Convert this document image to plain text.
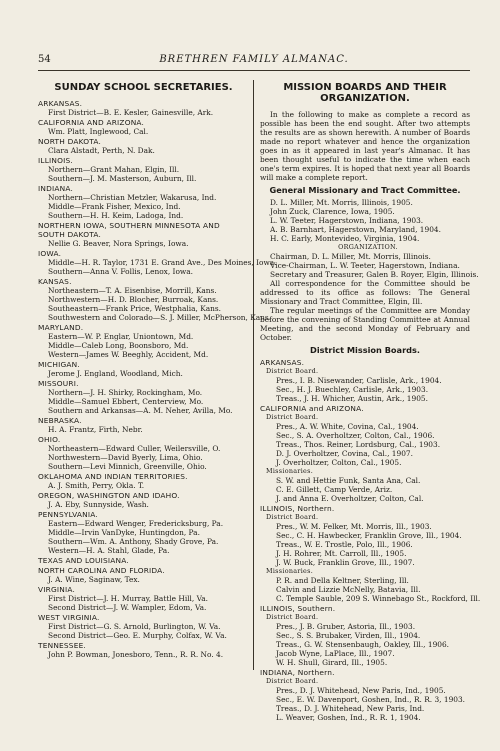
54	BRETHREN FAMILY ALMANAC.
SUNDAY SCHOOL SECRETARIES.
ARKANSAS.
First District—B. E. Kesler, Gainesville, Ark.
CALIFORNIA AND ARIZONA.
Wm. Platt, Inglewood, Cal.
NORTH DAKOTA.
Clara Alstadt, Perth, N. Dak.
ILLINOIS.
Northern—Grant Mahan, Elgin, Ill.
Southern—J. M. Masterson, Auburn, Ill.
INDIANA.
Northern—Christian Metzler, Wakarusa, Ind.
Middle—Frank Fisher, Mexico, Ind.
Southern—H. H. Keim, Ladoga, Ind.
NORTHERN IOWA, SOUTHERN MINNESOTA AND SOUTH DAKOTA.
Nellie G. Beaver, Nora Springs, Iowa.
IOWA.
Middle—H. R. Taylor, 1731 E. Grand Ave., Des Moines, Iowa.
Southern—Anna V. Follis, Lenox, Iowa.
KANSAS.
Northeastern—T. A. Eisenbise, Morrill, Kans.
Northwestern—H. D. Blocher, Burroak, Kans.
Southeastern—Frank Price, Westphalia, Kans.
Southwestern and Colorado—S. J. Miller, McPherson, Kans.
MARYLAND.
Eastern—W. P. Englar, Uniontown, Md.
Middle—Caleb Long, Boonsboro, Md.
Western—James W. Beeghly, Accident, Md.
MICHIGAN.
Jerome J. England, Woodland, Mich.
MISSOURI.
Northern—J. H. Shirky, Rockingham, Mo.
Middle—Samuel Ebbert, Centerview, Mo.
Southern and Arkansas—A. M. Neher, Avilla, Mo.
NEBRASKA.
H. A. Frantz, Firth, Nebr.
OHIO.
Northeastern—Edward Culler, Weilersville, O.
Northwestern—David Byerly, Lima, Ohio.
Southern—Levi Minnich, Greenville, Ohio.
OKLAHOMA AND INDIAN TERRITORIES.
A. J. Smith, Perry, Okla. T.
OREGON, WASHINGTON AND IDAHO.
J. A. Eby, Sunnyside, Wash.
PENNSYLVANIA.
Eastern—Edward Wenger, Fredericksburg, Pa.
Middle—Irvin VanDyke, Huntingdon, Pa.
Southern—Wm. A. Anthony, Shady Grove, Pa.
Western—H. A. Stahl, Glade, Pa.
TEXAS AND LOUISIANA.
NORTH CAROLINA AND FLORIDA.
J. A. Wine, Saginaw, Tex.
VIRGINIA.
First District—J. H. Murray, Battle Hill, Va.
Second District—J. W. Wampler, Edom, Va.
WEST VIRGINIA.
First District—G. S. Arnold, Burlington, W. Va.
Second District—Geo. E. Murphy, Colfax, W. Va.
TENNESSEE.
John P. Bowman, Jonesboro, Tenn., R. R. No. 4.
MISSION BOARDS AND THEIR ORGANIZATION.
In the following to make as complete a record as possible has been the end sought. After two attempts the results are as shown herewith. A number of Boards made no report whatever and hence the organization goes in as it appeared in last year's Almanac. It has been thought useful to indicate the time when each one's term expires. It is hoped that next year all Boards will make a complete report.
General Missionary and Tract Committee.
D. L. Miller, Mt. Morris, Illinois, 1905.
John Zuck, Clarence, Iowa, 1905.
L. W. Teeter, Hagerstown, Indiana, 1903.
A. B. Barnhart, Hagerstown, Maryland, 1904.
H. C. Early, Montevideo, Virginia, 1904.
ORGANIZATION.
Chairman, D. L. Miller, Mt. Morris, Illinois.
Vice-Chairman, L. W. Teeter, Hagerstown, Indiana.
Secretary and Treasurer, Galen B. Royer, Elgin, Illinois.
All correspondence for the Committee should be addressed to its office as follows: The General Missionary and Tract Committee, Elgin, Ill.
The regular meetings of the Committee are Monday before the convening of Standing Committee at Annual Meeting, and the second Monday of February and October.
District Mission Boards.
ARKANSAS.
District Board.
Pres., I. B. Nisewander, Carlisle, Ark., 1904.
Sec., H. J. Buechley, Carlisle, Ark., 1903.
Treas., J. H. Whicher, Austin, Ark., 1905.
CALIFORNIA and ARIZONA.
District Board.
Pres., A. W. White, Covina, Cal., 1904.
Sec., S. A. Overholtzer, Colton, Cal., 1906.
Treas., Thos. Reiner, Lordsburg, Cal., 1903.
D. J. Overholtzer, Covina, Cal., 1907.
J. Overholtzer, Colton, Cal., 1905.
Missionaries.
S. W. and Hettie Funk, Santa Ana, Cal.
C. E. Gillett, Camp Verde, Ariz.
J. and Anna E. Overholtzer, Colton, Cal.
ILLINOIS, Northern.
District Board.
Pres., W. M. Felker, Mt. Morris, Ill., 1903.
Sec., C. H. Hawbecker, Franklin Grove, Ill., 1904.
Treas., W. E. Trostle, Polo, Ill., 1906.
J. H. Rohrer, Mt. Carroll, Ill., 1905.
J. W. Buck, Franklin Grove, Ill., 1907.
Missionaries.
P. R. and Della Keltner, Sterling, Ill.
Calvin and Lizzie McNelly, Batavia, Ill.
C. Temple Sauble, 209 S. Winnebago St., Rockford, Ill.
ILLINOIS, Southern.
District Board.
Pres., J. B. Gruber, Astoria, Ill., 1903.
Sec., S. S. Brubaker, Virden, Ill., 1904.
Treas., G. W. Stensenbaugh, Oakley, Ill., 1906.
Jacob Wyne, LaPlace, Ill., 1907.
W. H. Shull, Girard, Ill., 1905.
INDIANA, Northern.
District Board.
Pres., D. J. Whitehead, New Paris, Ind., 1905.
Sec., E. W. Davenport, Goshen, Ind., R. R. 3, 1903.
Treas., D. J. Whitehead, New Paris, Ind.
L. Weaver, Goshen, Ind., R. R. 1, 1904.
